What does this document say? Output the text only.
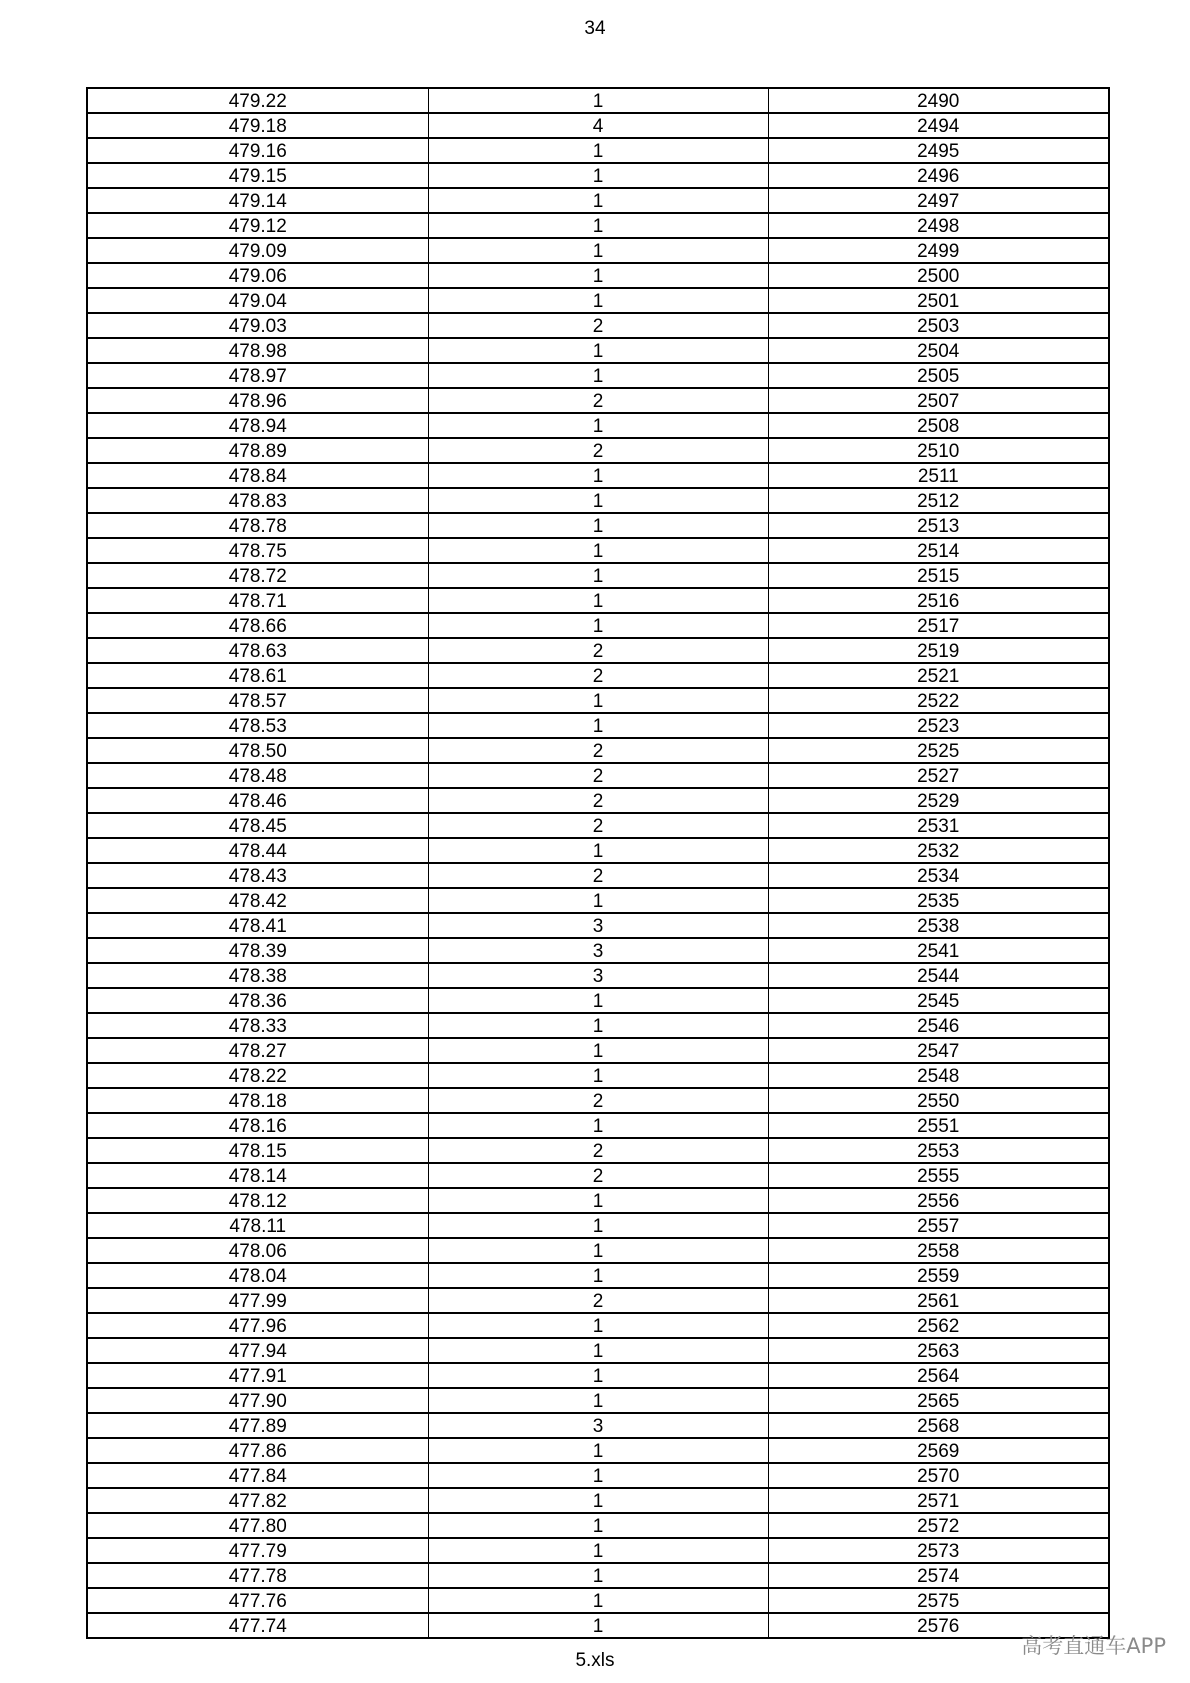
34
479.22	1	2490
479.18	4	2494
479.16	1	2495
479.15	1	2496
479.14	1	2497
479.12	1	2498
479.09	1	2499
479.06	1	2500
479.04	1	2501
479.03	2	2503
478.98	1	2504
478.97	1	2505
478.96	2	2507
478.94	1	2508
478.89	2	2510
478.84	1	2511
478.83	1	2512
478.78	1	2513
478.75	1	2514
478.72	1	2515
478.71	1	2516
478.66	1	2517
478.63	2	2519
478.61	2	2521
478.57	1	2522
478.53	1	2523
478.50	2	2525
478.48	2	2527
478.46	2	2529
478.45	2	2531
478.44	1	2532
478.43	2	2534
478.42	1	2535
478.41	3	2538
478.39	3	2541
478.38	3	2544
478.36	1	2545
478.33	1	2546
478.27	1	2547
478.22	1	2548
478.18	2	2550
478.16	1	2551
478.15	2	2553
478.14	2	2555
478.12	1	2556
478.11	1	2557
478.06	1	2558
478.04	1	2559
477.99	2	2561
477.96	1	2562
477.94	1	2563
477.91	1	2564
477.90	1	2565
477.89	3	2568
477.86	1	2569
477.84	1	2570
477.82	1	2571
477.80	1	2572
477.79	1	2573
477.78	1	2574
477.76	1	2575
477.74	1	2576
5.xls
高考直通车APP
